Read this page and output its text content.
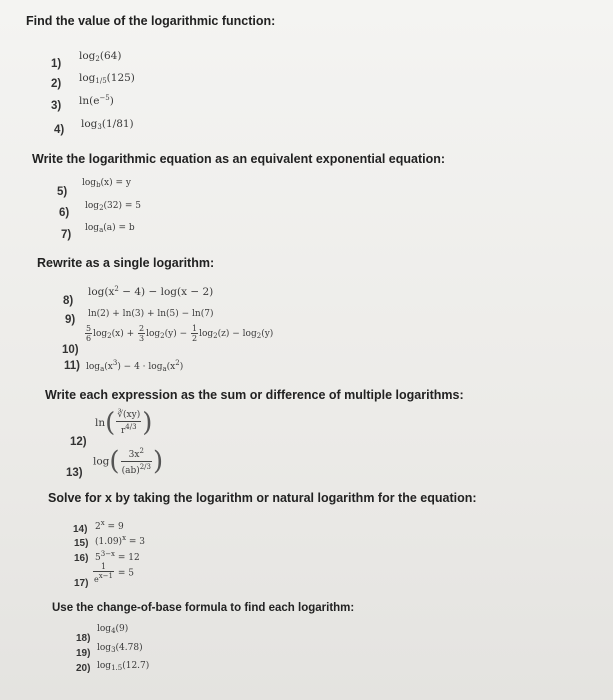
Find the value of the logarithmic function:
1)
$\log_2(64)$
2) $\log_{1/5}(125)$
3) $\ln(e^{-5})$
4) $\log_3(1/81)$
Write the logarithmic equation as an equivalent exponential equation:
5)
$\log_b(x) = y$
6)
$\log_2(32) = 5$
7)
$\log_a(a) = b$
Rewrite as a single logarithm:
8)
$\log(x^2 - 4) - \log(x - 2)$
9) ln(2) + ln(3) + ln(5) − ln(7)
10)
$\frac{5}{6} \log_2(x) + \frac{2}{3} \log_2(y) - \frac{1}{2} \log_2(z) - \log_2(y)$
11) $\log_a(x^3) - 4 \cdot \log_a(x^2)$
Write each expression as the sum or difference of multiple logarithms:
12)
$\ln( \frac{∛(xy)}{r^{4/3}}$ )
13)
$\log( \frac{3x^2}{(ab)^{2/3}}$ )
Solve for x by taking the logarithm or natural logarithm for the equation:
14) $2^x = 9$
15) $(1.09)^x = 3$
16) $5^{3-x} = 12$
$17) \frac{1}{e^{x-1}} = 5$
Use the change-of-base formula to find each logarithm:
18)
$\log_4(9)$
19) $\log_3(4.78)$
20) $\log_{1.5}(12.7)$
